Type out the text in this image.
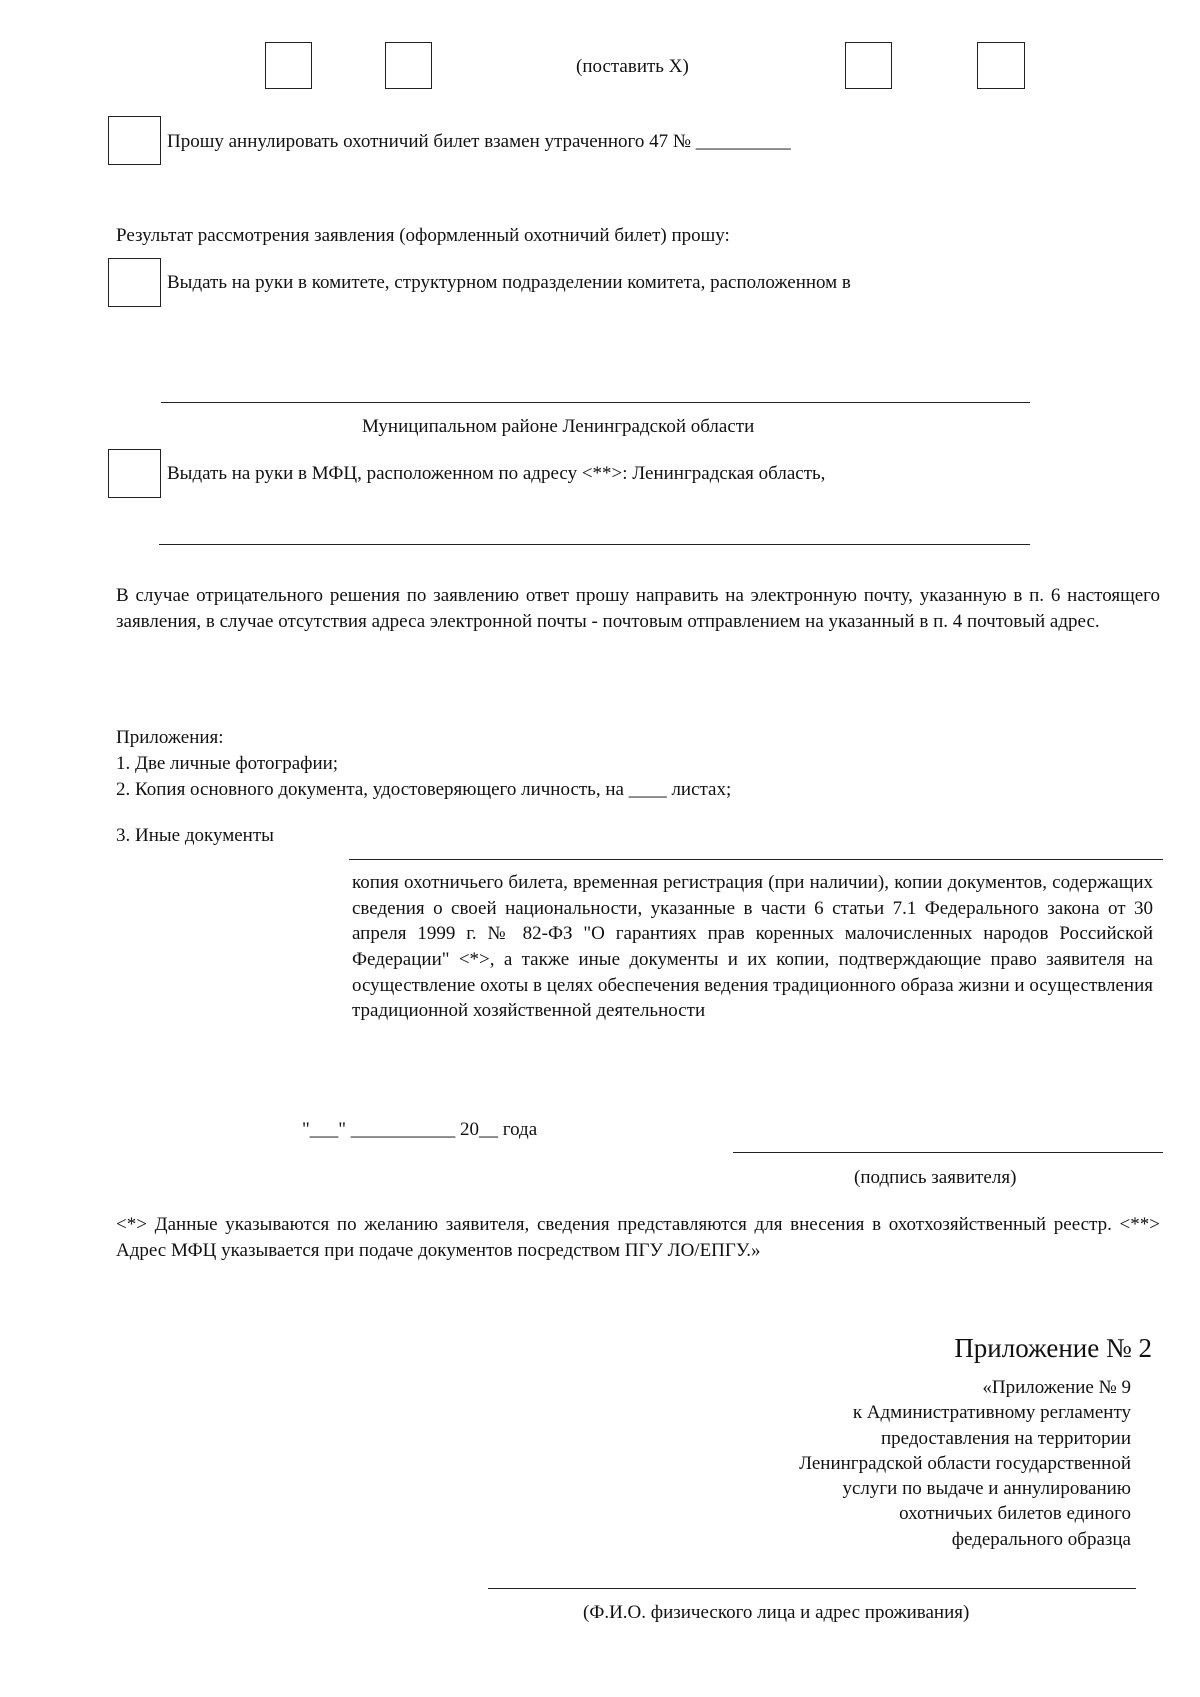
(поставить X)
Прошу аннулировать охотничий билет взамен утраченного 47 № __________
Результат рассмотрения заявления (оформленный охотничий билет) прошу:
Выдать на руки в комитете, структурном подразделении комитета, расположенном в
Муниципальном районе Ленинградской области
Выдать на руки в МФЦ, расположенном по адресу <**>: Ленинградская область,
В случае отрицательного решения по заявлению ответ прошу направить на электронную почту, указанную в п. 6 настоящего заявления, в случае отсутствия адреса электронной почты - почтовым отправлением на указанный в п. 4 почтовый адрес.
Приложения:
1. Две личные фотографии;
2. Копия основного документа, удостоверяющего личность, на ____ листах;
3. Иные документы
копия охотничьего билета, временная регистрация (при наличии), копии документов, содержащих сведения о своей национальности, указанные в части 6 статьи 7.1 Федерального закона от 30 апреля 1999 г. № 82-ФЗ "О гарантиях прав коренных малочисленных народов Российской Федерации" <*>, а также иные документы и их копии, подтверждающие право заявителя на осуществление охоты в целях обеспечения ведения традиционного образа жизни и осуществления традиционной хозяйственной деятельности
"___" ___________ 20__ года
(подпись заявителя)
<*> Данные указываются по желанию заявителя, сведения представляются для внесения в охотхозяйственный реестр. <**> Адрес МФЦ указывается при подаче документов посредством ПГУ ЛО/ЕПГУ.»
Приложение № 2
«Приложение № 9
к Административному регламенту
предоставления на территории
Ленинградской области государственной
услуги по выдаче и аннулированию
охотничьих билетов единого
федерального образца
(Ф.И.О. физического лица и адрес проживания)
